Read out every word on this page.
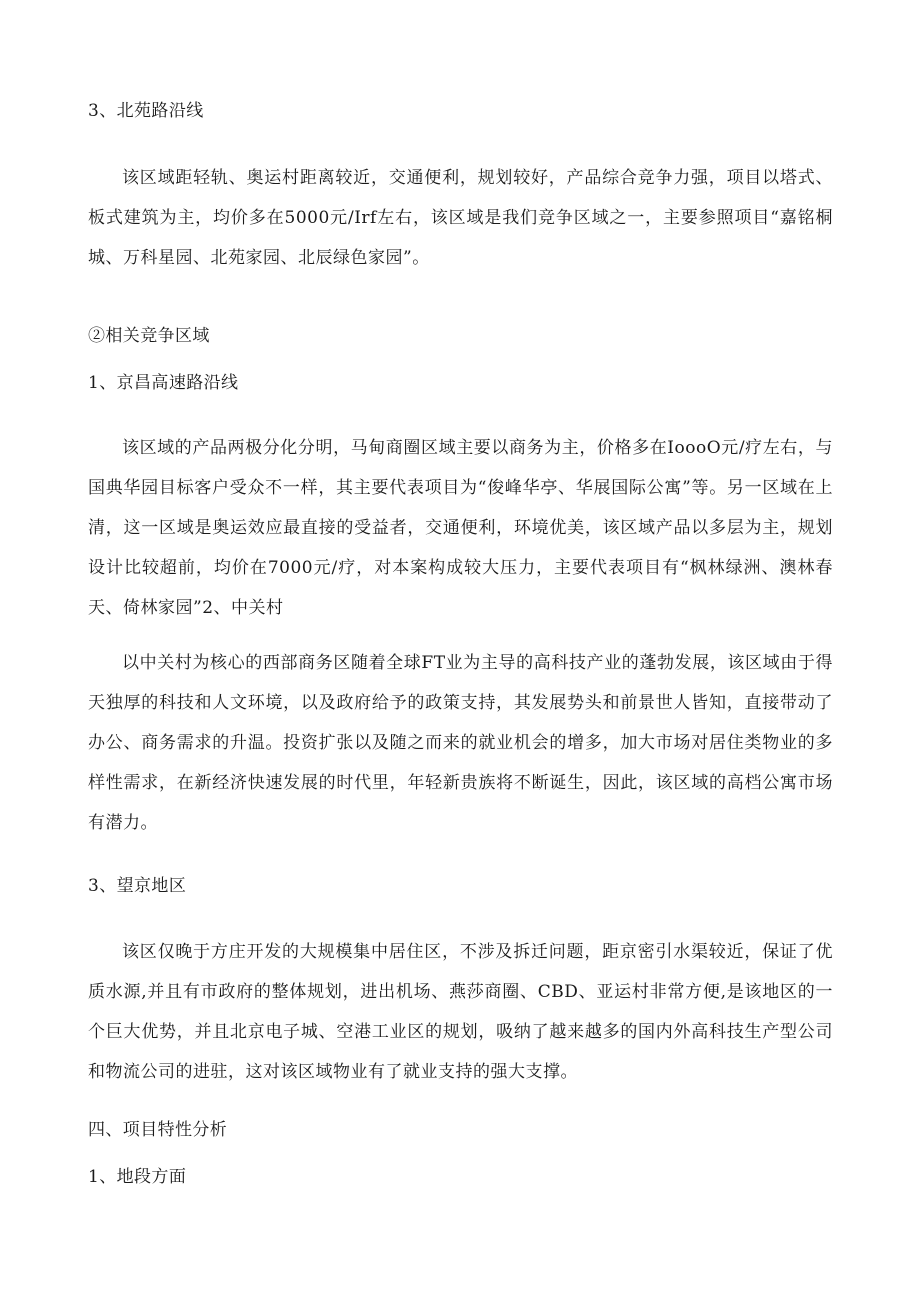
3、北苑路沿线
该区域距轻轨、奥运村距离较近，交通便利，规划较好，产品综合竞争力强，项目以塔式、板式建筑为主，均价多在5000元/Irf左右，该区域是我们竞争区域之一，主要参照项目“嘉铭桐城、万科星园、北苑家园、北辰绿色家园”。
②相关竞争区域
1、京昌高速路沿线
该区域的产品两极分化分明，马甸商圈区域主要以商务为主，价格多在IoooO元/疗左右，与国典华园目标客户受众不一样，其主要代表项目为“俊峰华亭、华展国际公寓”等。另一区域在上清，这一区域是奥运效应最直接的受益者，交通便利，环境优美，该区域产品以多层为主，规划设计比较超前，均价在7000元/疗，对本案构成较大压力，主要代表项目有“枫林绿洲、澳林春天、倚林家园”2、中关村
以中关村为核心的西部商务区随着全球FT业为主导的高科技产业的蓬勃发展，该区域由于得天独厚的科技和人文环境，以及政府给予的政策支持，其发展势头和前景世人皆知，直接带动了办公、商务需求的升温。投资扩张以及随之而来的就业机会的增多，加大市场对居住类物业的多样性需求，在新经济快速发展的时代里，年轻新贵族将不断诞生，因此，该区域的高档公寓市场有潜力。
3、望京地区
该区仅晚于方庄开发的大规模集中居住区，不涉及拆迁问题，距京密引水渠较近，保证了优质水源,并且有市政府的整体规划，进出机场、燕莎商圈、CBD、亚运村非常方便,是该地区的一个巨大优势，并且北京电子城、空港工业区的规划，吸纳了越来越多的国内外高科技生产型公司和物流公司的进驻，这对该区域物业有了就业支持的强大支撑。
四、项目特性分析
1、地段方面
